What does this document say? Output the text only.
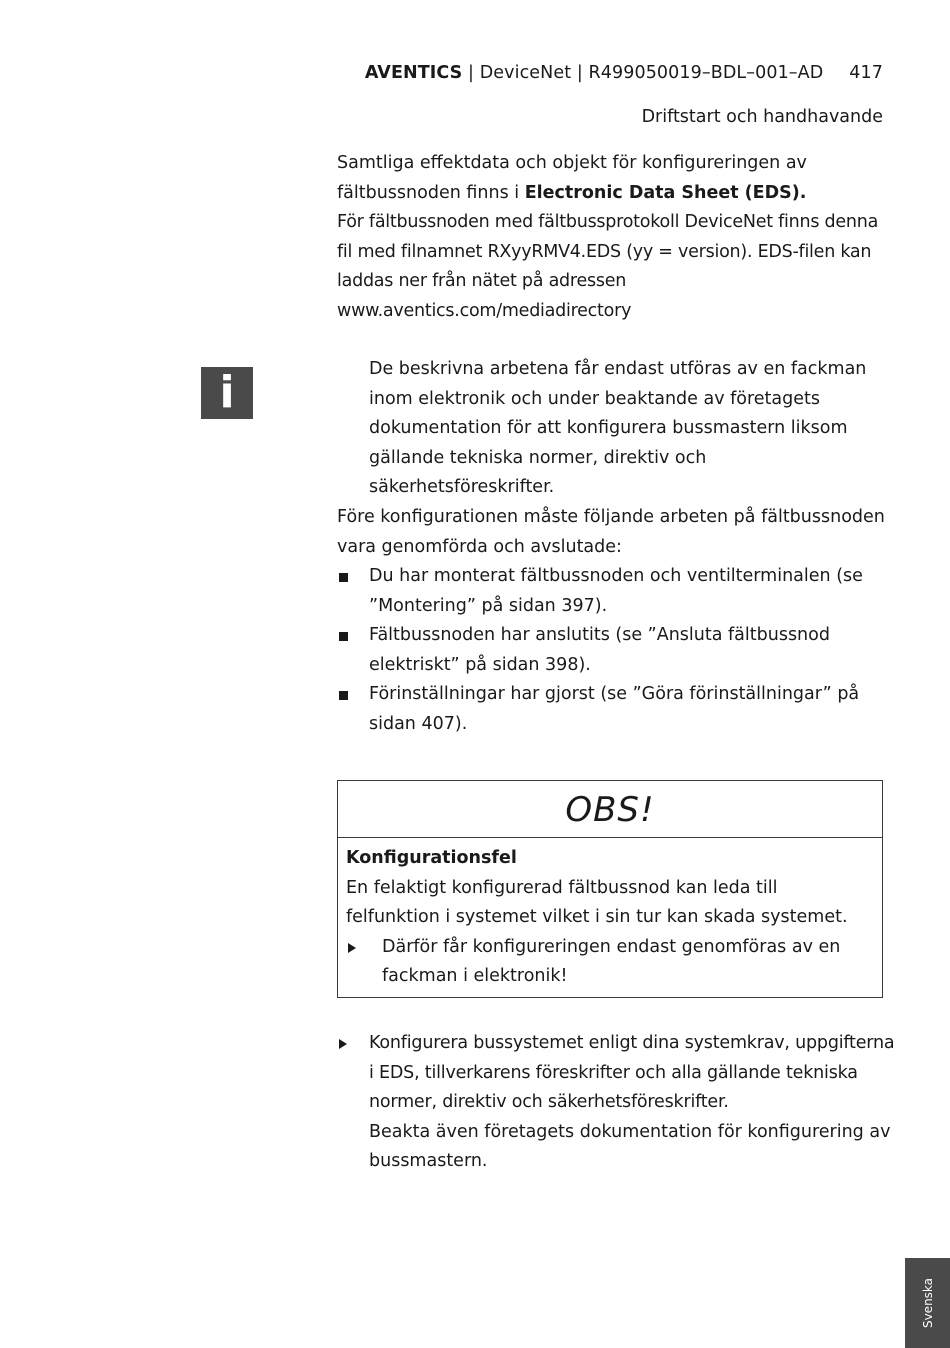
AVENTICS | DeviceNet | R499050019–BDL–001–AD 417
Driftstart och handhavande

Samtliga effektdata och objekt för konfigureringen av fältbussnoden finns i Electronic Data Sheet (EDS).

För fältbussnoden med fältbussprotokoll DeviceNet finns denna fil med filnamnet RXyyRMV4.EDS (yy = version). EDS-filen kan laddas ner från nätet på adressen www.aventics.com/mediadirectory

i	De beskrivna arbetena får endast utföras av en fackman inom elektronik och under beaktande av företagets dokumentation för att konfigurera bussmastern liksom gällande tekniska normer, direktiv och säkerhetsföreskrifter.
Före konfigurationen måste följande arbeten på fältbussnoden vara genomförda och avslutade:
Du har monterat fältbussnoden och ventilterminalen (se ”Montering” på sidan 397).
Fältbussnoden har anslutits (se ”Ansluta fältbussnod elektriskt” på sidan 398).
Förinställningar har gjorst (se ”Göra förinställningar” på sidan 407).
OBS!
Konfigurationsfel
En felaktigt konfigurerad fältbussnod kan leda till felfunktion i systemet vilket i sin tur kan skada systemet.
Därför får konfigureringen endast genomföras av en fackman i elektronik!
Konfigurera bussystemet enligt dina systemkrav, uppgifterna i EDS, tillverkarens föreskrifter och alla gällande tekniska normer, direktiv och säkerhetsföreskrifter.
Beakta även företagets dokumentation för konfigurering av bussmastern.
Svenska
